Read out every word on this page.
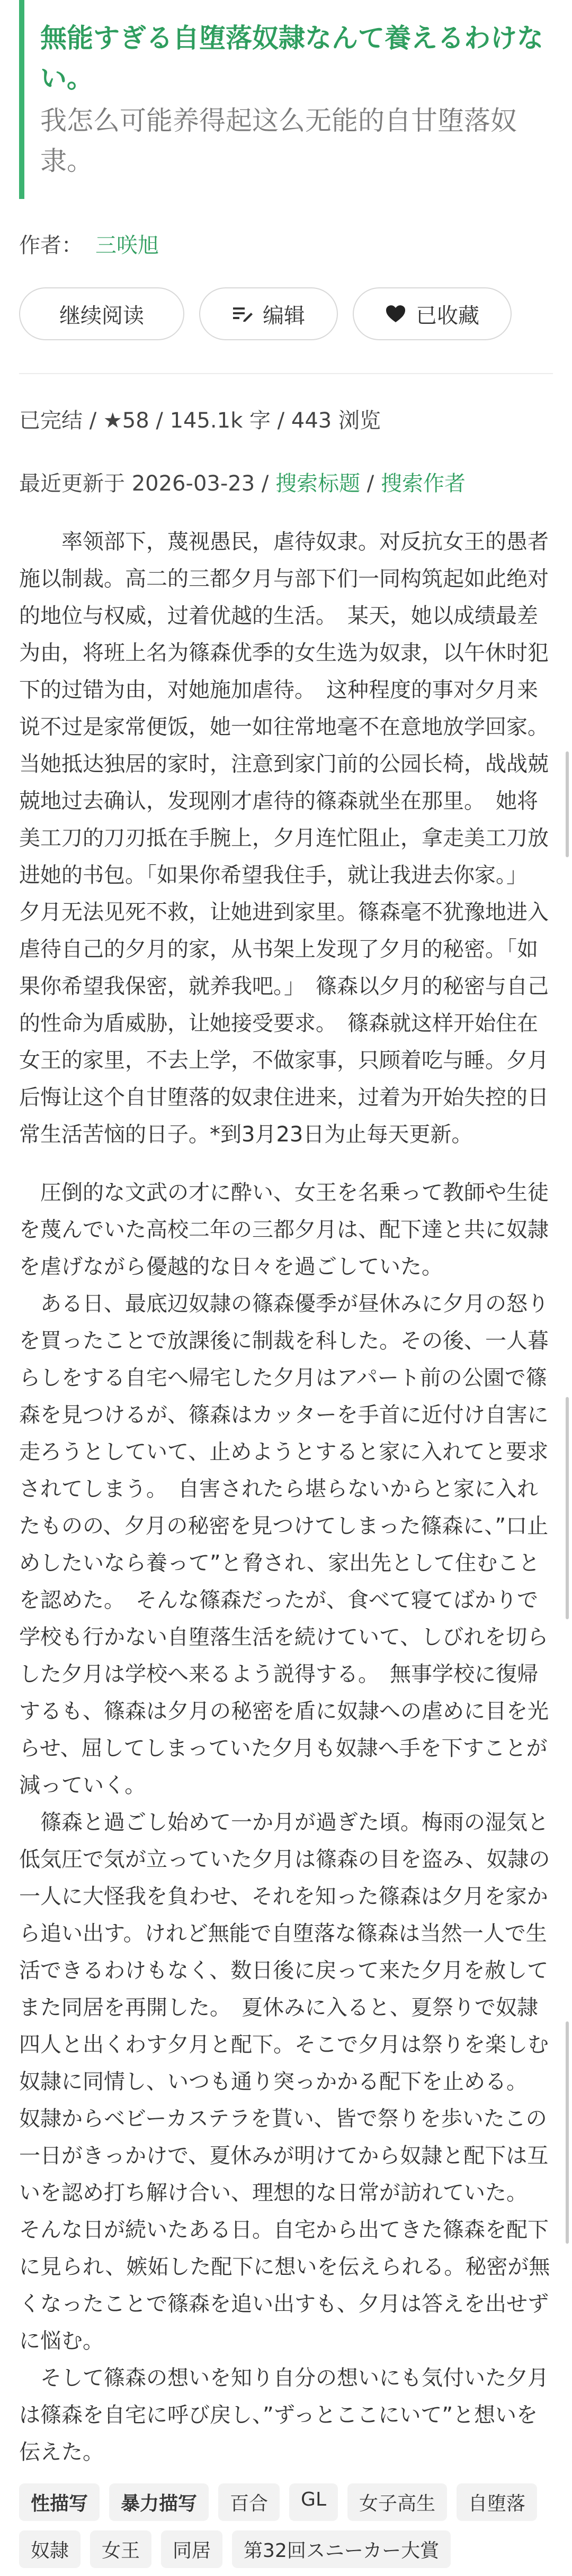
無能すぎる自堕落奴隷なんて養えるわけない。
我怎么可能养得起这么无能的自甘堕落奴隶。
作者： 三咲旭
继续阅读	编辑	已收藏
已完结 / ★58 / 145.1k 字 / 443 浏览
最近更新于 2026-03-23 / 搜索标题 / 搜索作者
率领部下，蔑视愚民，虐待奴隶。对反抗女王的愚者施以制裁。高二的三都夕月与部下们一同构筑起如此绝对的地位与权威，过着优越的生活。　某天，她以成绩最差为由，将班上名为篠森优季的女生选为奴隶，以午休时犯下的过错为由，对她施加虐待。　这种程度的事对夕月来说不过是家常便饭，她一如往常地毫不在意地放学回家。当她抵达独居的家时，注意到家门前的公园长椅，战战兢兢地过去确认，发现刚才虐待的篠森就坐在那里。　她将美工刀的刀刃抵在手腕上，夕月连忙阻止，拿走美工刀放进她的书包。「如果你希望我住手，就让我进去你家。」　夕月无法见死不救，让她进到家里。篠森毫不犹豫地进入虐待自己的夕月的家，从书架上发现了夕月的秘密。「如果你希望我保密，就养我吧。」　篠森以夕月的秘密与自己的性命为盾威胁，让她接受要求。　篠森就这样开始住在女王的家里，不去上学，不做家事，只顾着吃与睡。夕月后悔让这个自甘堕落的奴隶住进来，过着为开始失控的日常生活苦恼的日子。*到3月23日为止每天更新。

圧倒的な文武の才に酔い、女王を名乗って教師や生徒を蔑んでいた高校二年の三都夕月は、配下達と共に奴隷を虐げながら優越的な日々を過ごしていた。

ある日、最底辺奴隷の篠森優季が昼休みに夕月の怒りを買ったことで放課後に制裁を科した。その後、一人暮らしをする自宅へ帰宅した夕月はアパート前の公園で篠森を見つけるが、篠森はカッターを手首に近付け自害に走ろうとしていて、止めようとすると家に入れてと要求されてしまう。　自害されたら堪らないからと家に入れたものの、夕月の秘密を見つけてしまった篠森に、”口止めしたいなら養って”と脅され、家出先として住むことを認めた。　そんな篠森だったが、食べて寝てばかりで学校も行かない自堕落生活を続けていて、しびれを切らした夕月は学校へ来るよう説得する。　無事学校に復帰するも、篠森は夕月の秘密を盾に奴隷への虐めに目を光らせ、屈してしまっていた夕月も奴隷へ手を下すことが減っていく。

篠森と過ごし始めて一か月が過ぎた頃。梅雨の湿気と低気圧で気が立っていた夕月は篠森の目を盗み、奴隷の一人に大怪我を負わせ、それを知った篠森は夕月を家から追い出す。けれど無能で自堕落な篠森は当然一人で生活できるわけもなく、数日後に戻って来た夕月を赦してまた同居を再開した。　夏休みに入ると、夏祭りで奴隷四人と出くわす夕月と配下。そこで夕月は祭りを楽しむ奴隷に同情し、いつも通り突っかかる配下を止める。　奴隷からベビーカステラを貰い、皆で祭りを歩いたこの一日がきっかけで、夏休みが明けてから奴隷と配下は互いを認め打ち解け合い、理想的な日常が訪れていた。　そんな日が続いたある日。自宅から出てきた篠森を配下に見られ、嫉妬した配下に想いを伝えられる。秘密が無くなったことで篠森を追い出すも、夕月は答えを出せずに悩む。

そして篠森の想いを知り自分の想いにも気付いた夕月は篠森を自宅に呼び戻し、”ずっとここにいて”と想いを伝えた。

性描写	暴力描写	百合	GL	女子高生	自堕落
奴隷	女王	同居	第32回スニーカー大賞
